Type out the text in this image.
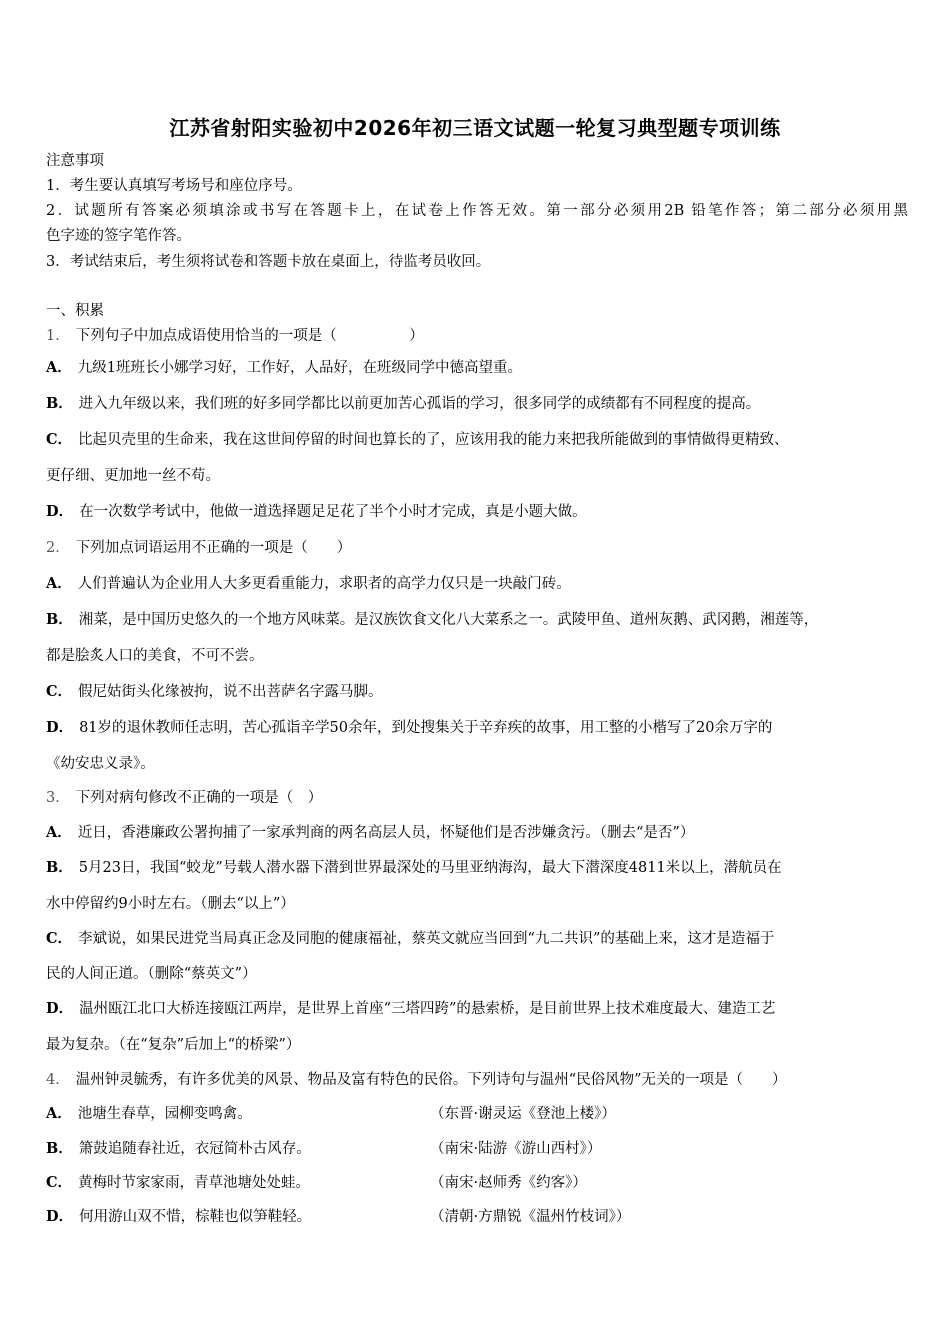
江苏省射阳实验初中2026年初三语文试题一轮复习典型题专项训练
注意事项
1．考生要认真填写考场号和座位序号。
2．试题所有答案必须填涂或书写在答题卡上，在试卷上作答无效。第一部分必须用2B 铅笔作答；第二部分必须用黑
色字迹的签字笔作答。
3．考试结束后，考生须将试卷和答题卡放在桌面上，待监考员收回。
一、积累
1． 下列句子中加点成语使用恰当的一项是（　　　　　）
A． 九级1班班长小娜学习好，工作好，人品好，在班级同学中德高望重。
B． 进入九年级以来，我们班的好多同学都比以前更加苦心孤诣的学习，很多同学的成绩都有不同程度的提高。
C． 比起贝壳里的生命来，我在这世间停留的时间也算长的了，应该用我的能力来把我所能做到的事情做得更精致、
更仔细、更加地一丝不苟。
D． 在一次数学考试中，他做一道选择题足足花了半个小时才完成，真是小题大做。
2． 下列加点词语运用不正确的一项是（　　）
A． 人们普遍认为企业用人大多更看重能力，求职者的高学力仅只是一块敲门砖。
B． 湘菜，是中国历史悠久的一个地方风味菜。是汉族饮食文化八大菜系之一。武陵甲鱼、道州灰鹅、武冈鹅，湘莲等，
都是脍炙人口的美食，不可不尝。
C． 假尼姑街头化缘被拘，说不出菩萨名字露马脚。
D． 81岁的退休教师任志明，苦心孤诣辛学50余年，到处搜集关于辛弃疾的故事，用工整的小楷写了20余万字的
《幼安忠义录》。
3． 下列对病句修改不正确的一项是（　）
A． 近日，香港廉政公署拘捕了一家承判商的两名高层人员，怀疑他们是否涉嫌贪污。（删去“是否”）
B． 5月23日，我国“蛟龙”号载人潜水器下潜到世界最深处的马里亚纳海沟，最大下潜深度4811米以上，潜航员在
水中停留约9小时左右。（删去“以上”）
C． 李斌说，如果民进党当局真正念及同胞的健康福祉，蔡英文就应当回到“九二共识”的基础上来，这才是造福于
民的人间正道。（删除“蔡英文”）
D． 温州瓯江北口大桥连接瓯江两岸，是世界上首座“三塔四跨”的悬索桥，是目前世界上技术难度最大、建造工艺
最为复杂。（在“复杂”后加上“的桥梁”）
4． 温州钟灵毓秀，有许多优美的风景、物品及富有特色的民俗。下列诗句与温州“民俗风物”无关的一项是（　　）
A． 池塘生春草，园柳变鸣禽。	（东晋·谢灵运《登池上楼》）
B． 箫鼓追随春社近，衣冠简朴古风存。	（南宋·陆游《游山西村》）
C． 黄梅时节家家雨，青草池塘处处蛙。	（南宋·赵师秀《约客》）
D． 何用游山双不惜，棕鞋也似笋鞋轻。	（清朝·方鼎锐《温州竹枝词》）
